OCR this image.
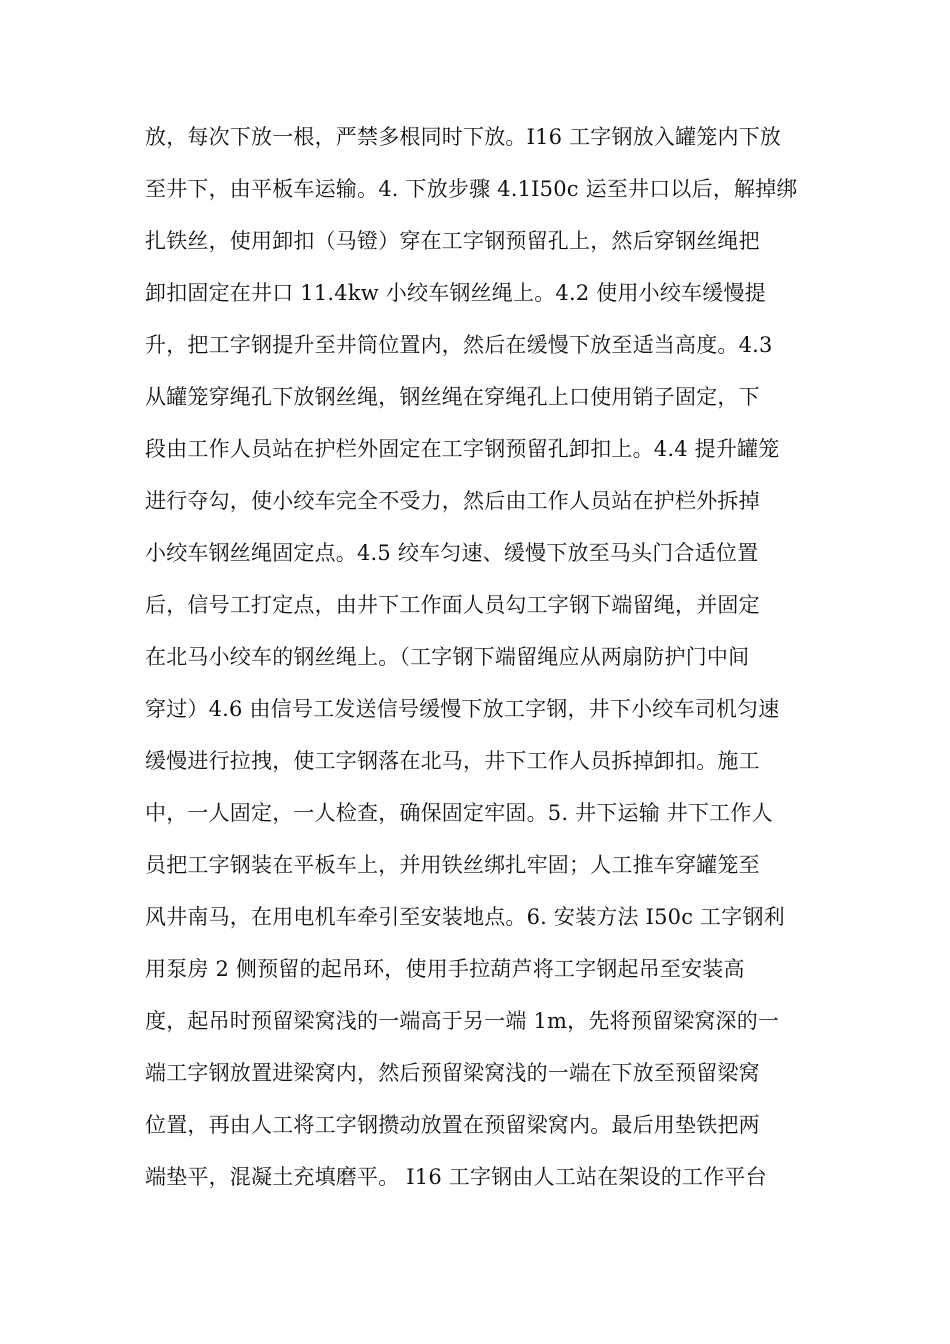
放，每次下放一根，严禁多根同时下放。I16 工字钢放入罐笼内下放
至井下，由平板车运输。4. 下放步骤 4.1I50c 运至井口以后，解掉绑
扎铁丝，使用卸扣（马镫）穿在工字钢预留孔上，然后穿钢丝绳把
卸扣固定在井口 11.4kw 小绞车钢丝绳上。4.2 使用小绞车缓慢提
升，把工字钢提升至井筒位置内，然后在缓慢下放至适当高度。4.3
从罐笼穿绳孔下放钢丝绳，钢丝绳在穿绳孔上口使用销子固定，下
段由工作人员站在护栏外固定在工字钢预留孔卸扣上。4.4 提升罐笼
进行夺勾，使小绞车完全不受力，然后由工作人员站在护栏外拆掉
小绞车钢丝绳固定点。4.5 绞车匀速、缓慢下放至马头门合适位置
后，信号工打定点，由井下工作面人员勾工字钢下端留绳，并固定
在北马小绞车的钢丝绳上。（工字钢下端留绳应从两扇防护门中间
穿过）4.6 由信号工发送信号缓慢下放工字钢，井下小绞车司机匀速
缓慢进行拉拽，使工字钢落在北马，井下工作人员拆掉卸扣。施工
中，一人固定，一人检查，确保固定牢固。5. 井下运输 井下工作人
员把工字钢装在平板车上，并用铁丝绑扎牢固；人工推车穿罐笼至
风井南马，在用电机车牵引至安装地点。6. 安装方法 I50c 工字钢利
用泵房 2 侧预留的起吊环，使用手拉葫芦将工字钢起吊至安装高
度，起吊时预留梁窝浅的一端高于另一端 1m，先将预留梁窝深的一
端工字钢放置进梁窝内，然后预留梁窝浅的一端在下放至预留梁窝
位置，再由人工将工字钢攒动放置在预留梁窝内。最后用垫铁把两
端垫平，混凝土充填磨平。 I16 工字钢由人工站在架设的工作平台
